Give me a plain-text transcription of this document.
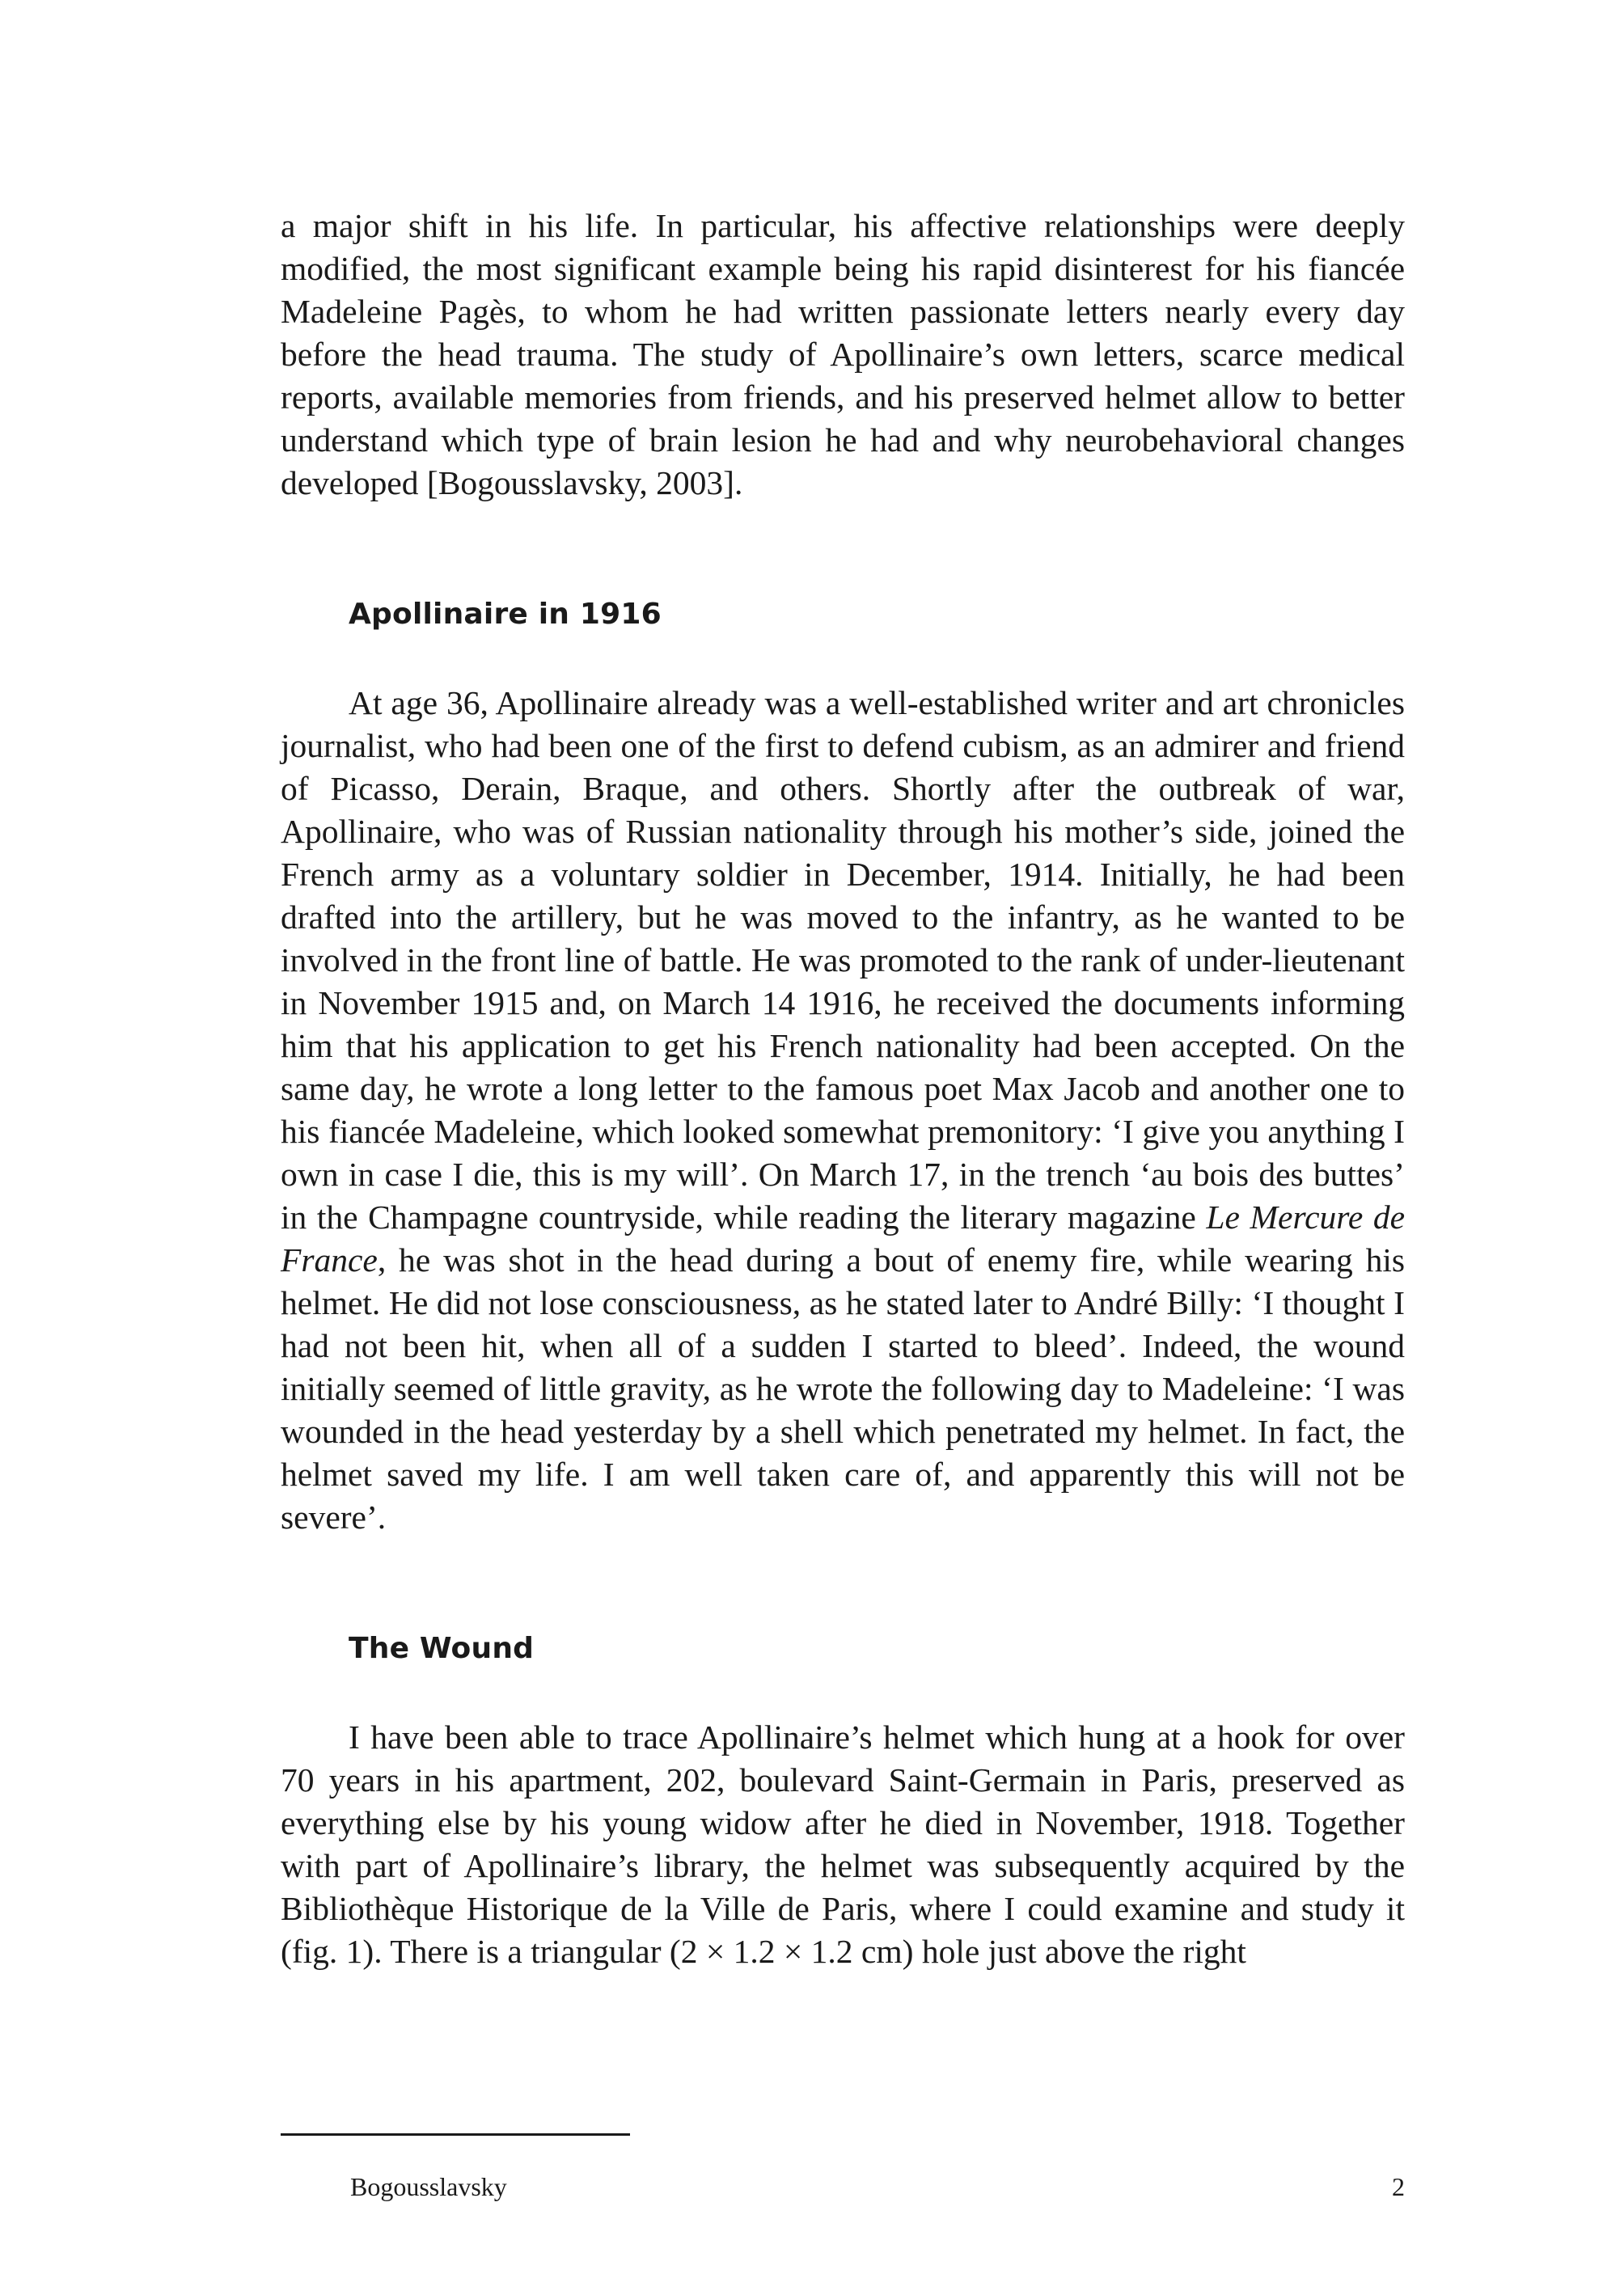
a major shift in his life. In particular, his affective relationships were deeply modified, the most significant example being his rapid disinterest for his fiancée Madeleine Pagès, to whom he had written passionate letters nearly every day before the head trauma. The study of Apollinaire’s own letters, scarce medical reports, available memories from friends, and his preserved helmet allow to better understand which type of brain lesion he had and why neurobehavioral changes developed [Bogousslavsky, 2003].

Apollinaire in 1916

At age 36, Apollinaire already was a well-established writer and art chronicles journalist, who had been one of the first to defend cubism, as an admirer and friend of Picasso, Derain, Braque, and others. Shortly after the outbreak of war, Apollinaire, who was of Russian nationality through his mother’s side, joined the French army as a voluntary soldier in December, 1914. Initially, he had been drafted into the artillery, but he was moved to the infantry, as he wanted to be involved in the front line of battle. He was promoted to the rank of under-lieutenant in November 1915 and, on March 14 1916, he received the documents informing him that his application to get his French nationality had been accepted. On the same day, he wrote a long letter to the famous poet Max Jacob and another one to his fiancée Madeleine, which looked somewhat premonitory: ‘I give you anything I own in case I die, this is my will’. On March 17, in the trench ‘au bois des buttes’ in the Champagne countryside, while reading the literary magazine Le Mercure de France, he was shot in the head during a bout of enemy fire, while wearing his helmet. He did not lose consciousness, as he stated later to André Billy: ‘I thought I had not been hit, when all of a sudden I started to bleed’. Indeed, the wound initially seemed of little gravity, as he wrote the following day to Madeleine: ‘I was wounded in the head yesterday by a shell which penetrated my helmet. In fact, the helmet saved my life. I am well taken care of, and apparently this will not be severe’.

The Wound

I have been able to trace Apollinaire’s helmet which hung at a hook for over 70 years in his apartment, 202, boulevard Saint-Germain in Paris, preserved as everything else by his young widow after he died in November, 1918. Together with part of Apollinaire’s library, the helmet was subsequently acquired by the Bibliothèque Historique de la Ville de Paris, where I could examine and study it (fig. 1). There is a triangular (2 × 1.2 × 1.2 cm) hole just above the right

Bogousslavsky	2
